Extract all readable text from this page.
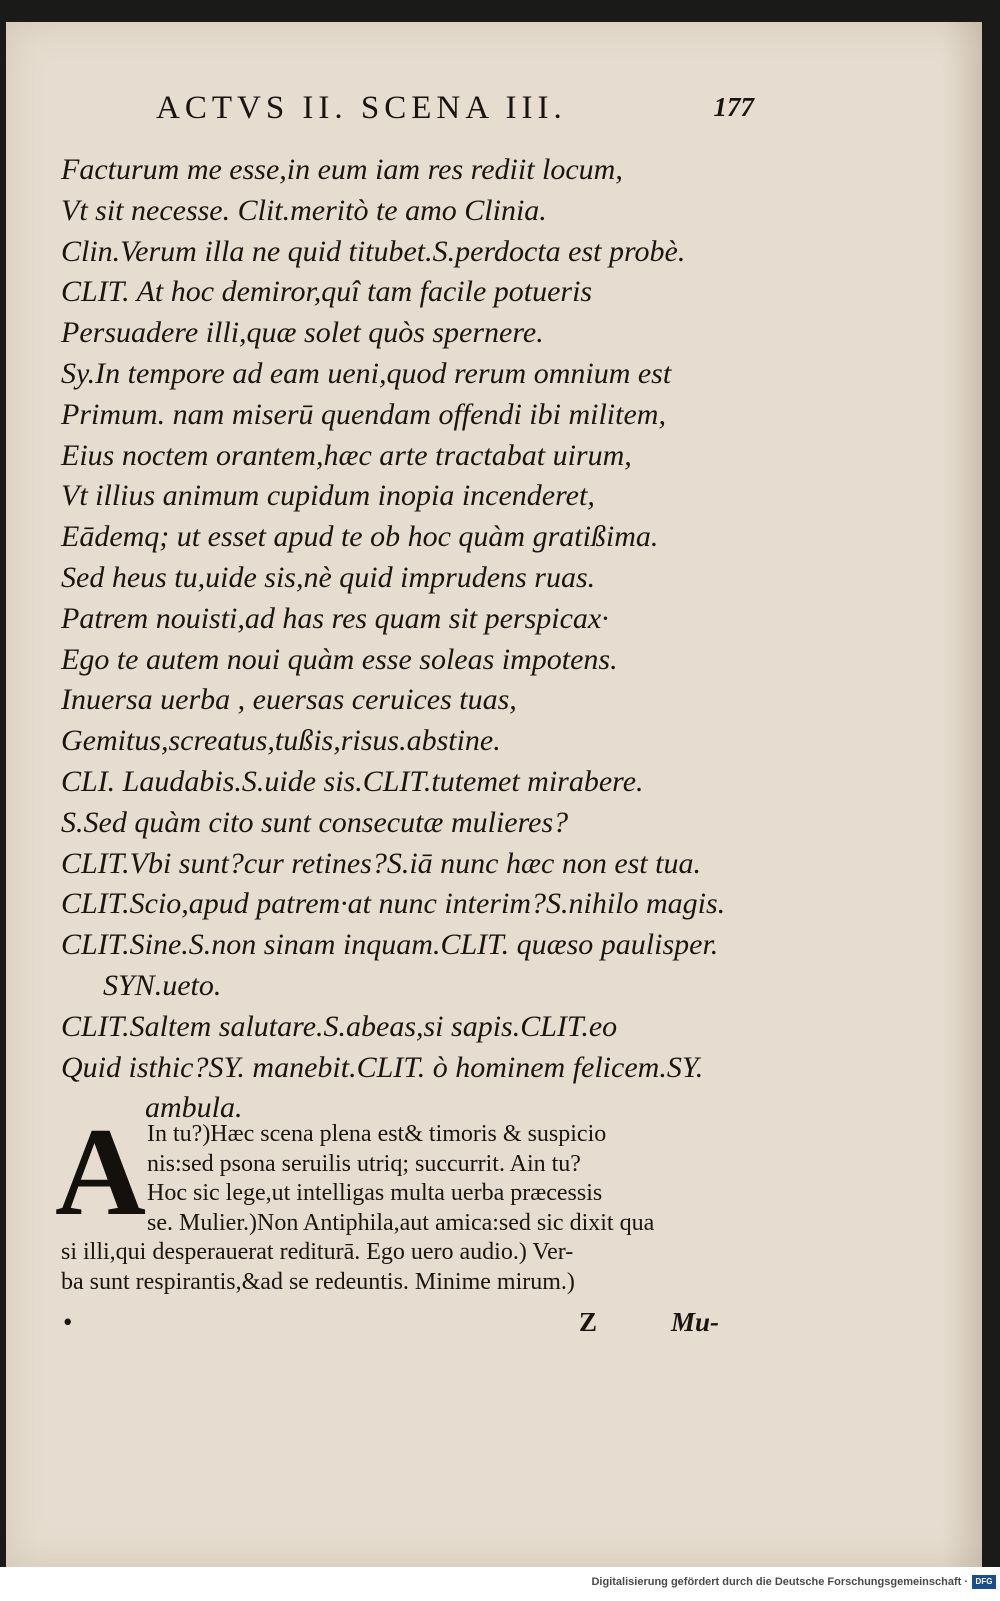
ACTVS II. SCENA III.	177
Facturum me esse,in eum iam res rediit locum,
Vt sit necesse. Clit.meritò te amo Clinia.
Clin.Verum illa ne quid titubet.S.perdocta est probè.
CLIT. At hoc demiror,quî tam facile potueris
Persuadere illi,quæ solet quòs spernere.
Sy.In tempore ad eam ueni,quod rerum omnium est
Primum. nam miserū quendam offendi ibi militem,
Eius noctem orantem,hæc arte tractabat uirum,
Vt illius animum cupidum inopia incenderet,
Eādemq; ut esset apud te ob hoc quàm gratißima.
Sed heus tu,uide sis,nè quid imprudens ruas.
Patrem nouisti,ad has res quam sit perspicax·
Ego te autem noui quàm esse soleas impotens.
Inuersa uerba , euersas ceruices tuas,
Gemitus,screatus,tußis,risus.abstine.
CLI. Laudabis.S.uide sis.CLIT.tutemet mirabere.
S.Sed quàm cito sunt consecutæ mulieres?
CLIT.Vbi sunt?cur retines?S.iā nunc hæc non est tua.
CLIT.Scio,apud patrem·at nunc interim?S.nihilo magis.
CLIT.Sine.S.non sinam inquam.CLIT. quæso paulisper.
SYN.ueto.
CLIT.Saltem salutare.S.abeas,si sapis.CLIT.eo
Quid isthic?SY. manebit.CLIT. ò hominem felicem.SY.
ambula.
A In tu?)Hæc scena plena est& timoris & suspicio
nis:sed psona seruilis utriq; succurrit. Ain tu?
Hoc sic lege,ut intelligas multa uerba præcessis
se. Mulier.)Non Antiphila,aut amica:sed sic dixit qua
si illi,qui desperauerat rediturā. Ego uero audio.) Ver-
ba sunt respirantis,&ad se redeuntis. Minime mirum.)
•	Z	Mu-
Digitalisierung gefördert durch die Deutsche Forschungsgemeinschaft · DFG
